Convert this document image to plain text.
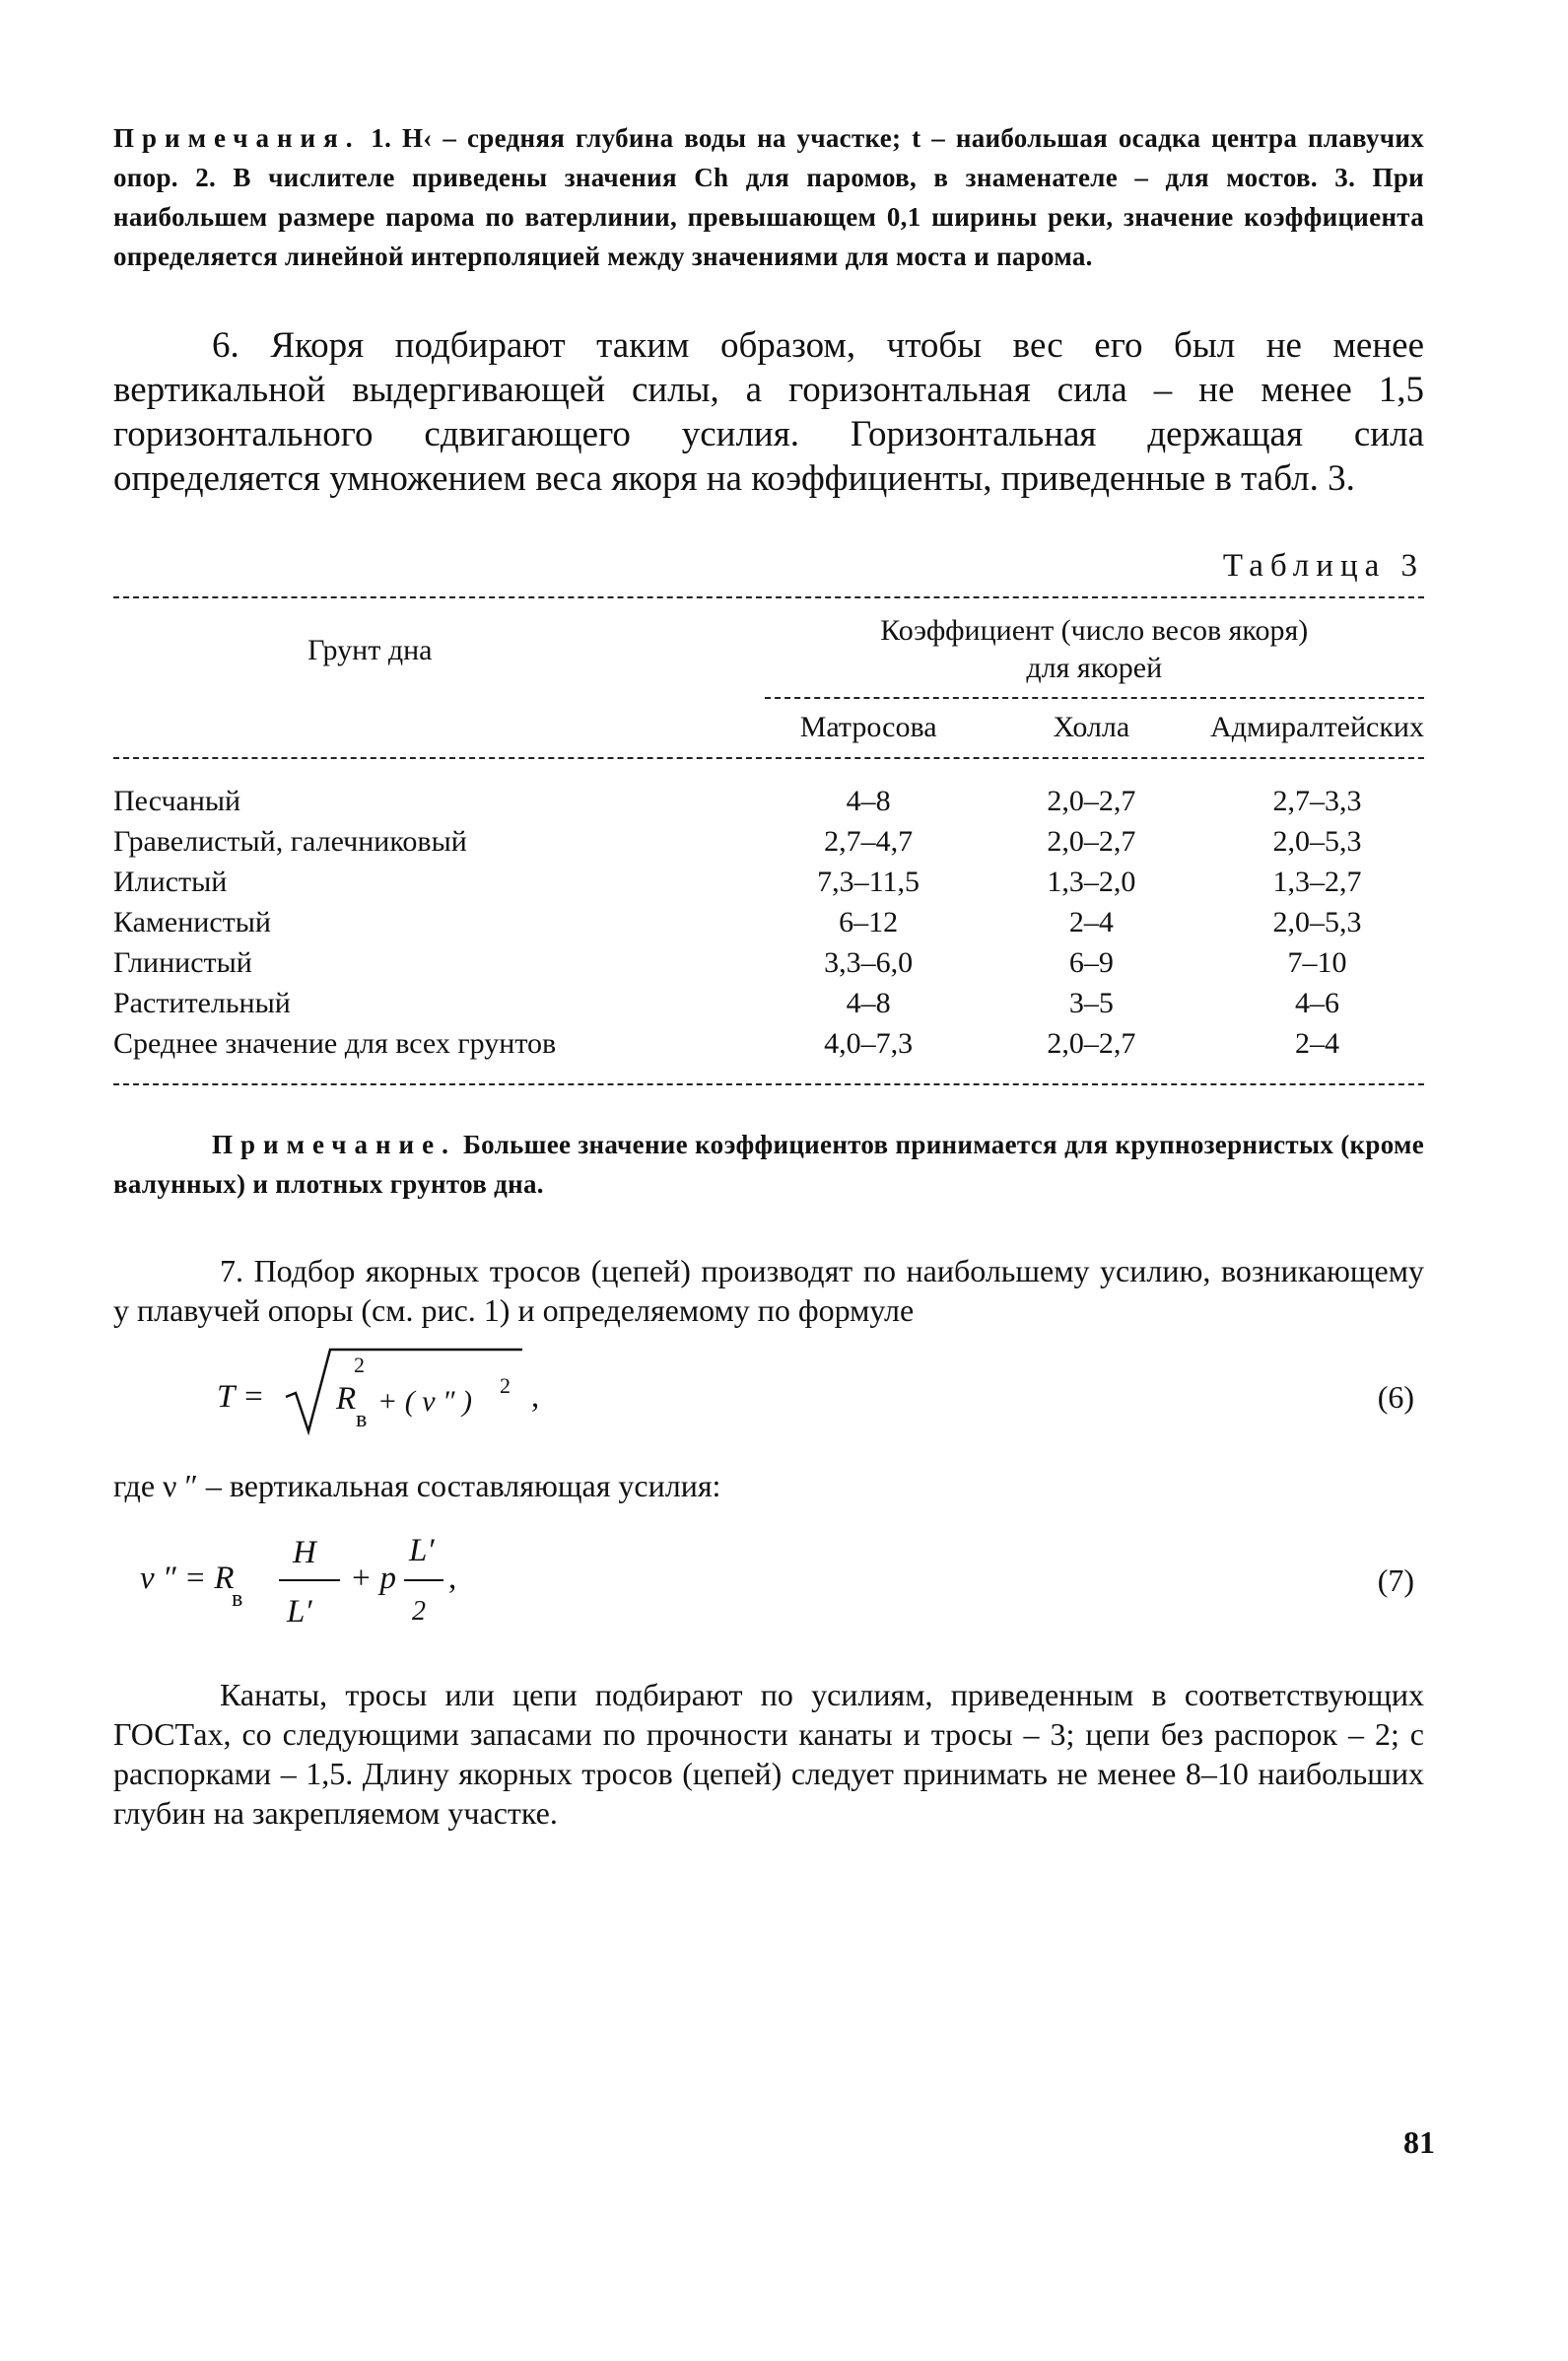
Примечания. 1. H‹ – средняя глубина воды на участке; t – наибольшая осадка центра плавучих опор. 2. В числителе приведены значения Ch для паромов, в знаменателе – для мостов. 3. При наибольшем размере парома по ватерлинии, превышающем 0,1 ширины реки, значение коэффициента определяется линейной интерполяцией между значениями для моста и парома.
6. Якоря подбирают таким образом, чтобы вес его был не менее вертикальной выдергивающей силы, а горизонтальная сила – не менее 1,5 горизонтального сдвигающего усилия. Горизонтальная держащая сила определяется умножением веса якоря на коэффициенты, приведенные в табл. 3.
Таблица 3
Грунт дна	Коэффициент (число весов якоря)
для якорей		

	Матросова	Холла	Адмиралтейских

Песчаный	4–8	2,0–2,7	2,7–3,3
Гравелистый, галечниковый	2,7–4,7	2,0–2,7	2,0–5,3
Илистый	7,3–11,5	1,3–2,0	1,3–2,7
Каменистый	6–12	2–4	2,0–5,3
Глинистый	3,3–6,0	6–9	7–10
Растительный	4–8	3–5	4–6
Среднее значение для всех грунтов	4,0–7,3	2,0–2,7	2–4

Примечание. Большее значение коэффициентов принимается для крупнозернистых (кроме валунных) и плотных грунтов дна.
7. Подбор якорных тросов (цепей) производят по наибольшему усилию, возникающему у плавучей опоры (см. рис. 1) и определяемому по формуле
T = R
2
в
+ ( ν ″ ) 2 ,	(6)
где ν ″ – вертикальная составляющая усилия:
ν ″ = R
в
H
L′
+ p
L′
2
,	(7)
Канаты, тросы или цепи подбирают по усилиям, приведенным в соответствующих ГОСТах, со следующими запасами по прочности канаты и тросы – 3; цепи без распорок – 2; с распорками – 1,5. Длину якорных тросов (цепей) следует принимать не менее 8–10 наибольших глубин на закрепляемом участке.
81
